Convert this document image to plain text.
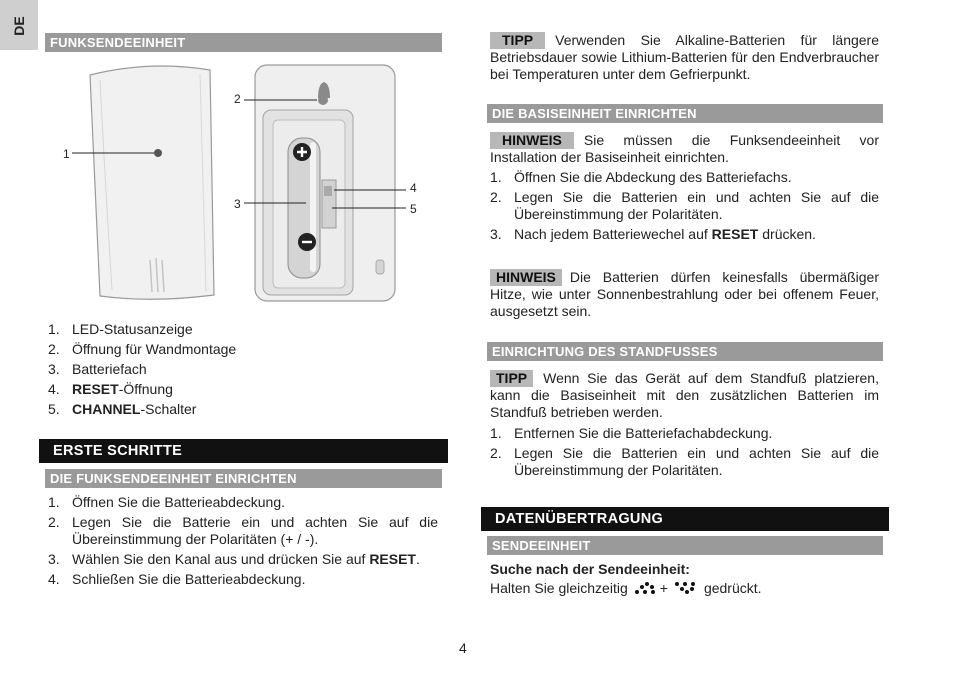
DE
FUNKSENDEEINHEIT
1
2
3
4
5
1. LED-Statusanzeige
2. Öffnung für Wandmontage
3. Batteriefach
4. RESET-Öffnung
5. CHANNEL-Schalter
ERSTE SCHRITTE
DIE FUNKSENDEEINHEIT EINRICHTEN
1. Öffnen Sie die Batterieabdeckung.
2. Legen Sie die Batterie ein und achten Sie auf die Übereinstimmung der Polaritäten (+ / -).
3. Wählen Sie den Kanal aus und drücken Sie auf RESET.
4. Schließen Sie die Batterieabdeckung.
TIPP Verwenden Sie Alkaline-Batterien für längere Betriebsdauer sowie Lithium-Batterien für den Endverbraucher bei Temperaturen unter dem Gefrierpunkt.
DIE BASISEINHEIT EINRICHTEN
HINWEIS Sie müssen die Funksendeeinheit vor Installation der Basiseinheit einrichten.
1. Öffnen Sie die Abdeckung des Batteriefachs.
2. Legen Sie die Batterien ein und achten Sie auf die Übereinstimmung der Polaritäten.
3. Nach jedem Batteriewechel auf RESET drücken.
HINWEIS Die Batterien dürfen keinesfalls übermäßiger Hitze, wie unter Sonnenbestrahlung oder bei offenem Feuer, ausgesetzt sein.
EINRICHTUNG DES STANDFUSSES
TIPP Wenn Sie das Gerät auf dem Standfuß platzieren, kann die Basiseinheit mit den zusätzlichen Batterien im Standfuß betrieben werden.
1. Entfernen Sie die Batteriefachabdeckung.
2. Legen Sie die Batterien ein und achten Sie auf die Übereinstimmung der Polaritäten.
DATENÜBERTRAGUNG
SENDEEINHEIT
Suche nach der Sendeeinheit:
Halten Sie gleichzeitig +	gedrückt.
4
